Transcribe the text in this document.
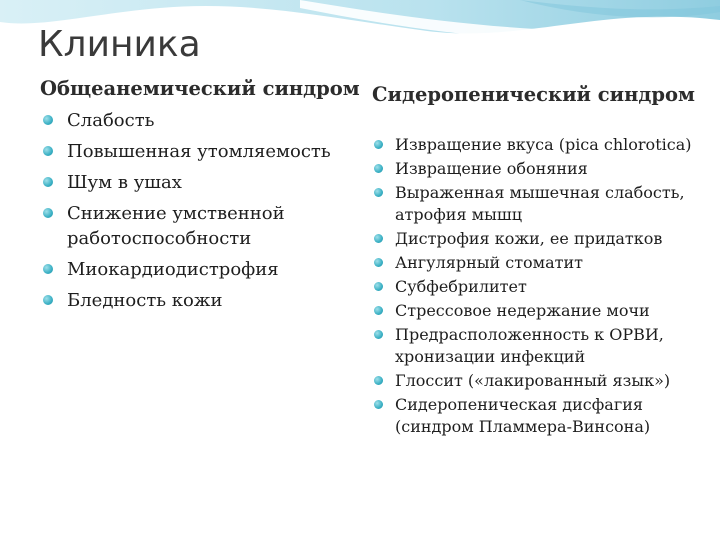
Клиника
Общеанемический синдром
Слабость
Повышенная утомляемость
Шум в ушах
Снижение умственной работоспособности
Миокардиодистрофия
Бледность кожи
Сидеропенический синдром
Извращение вкуса (pica chlorotica)
Извращение обоняния
Выраженная мышечная слабость, атрофия мышц
Дистрофия кожи, ее придатков
Ангулярный стоматит
Субфебрилитет
Стрессовое недержание мочи
Предрасположенность к ОРВИ, хронизации инфекций
Глоссит («лакированный язык»)
Сидеропеническая дисфагия (синдром Пламмера-Винсона)
